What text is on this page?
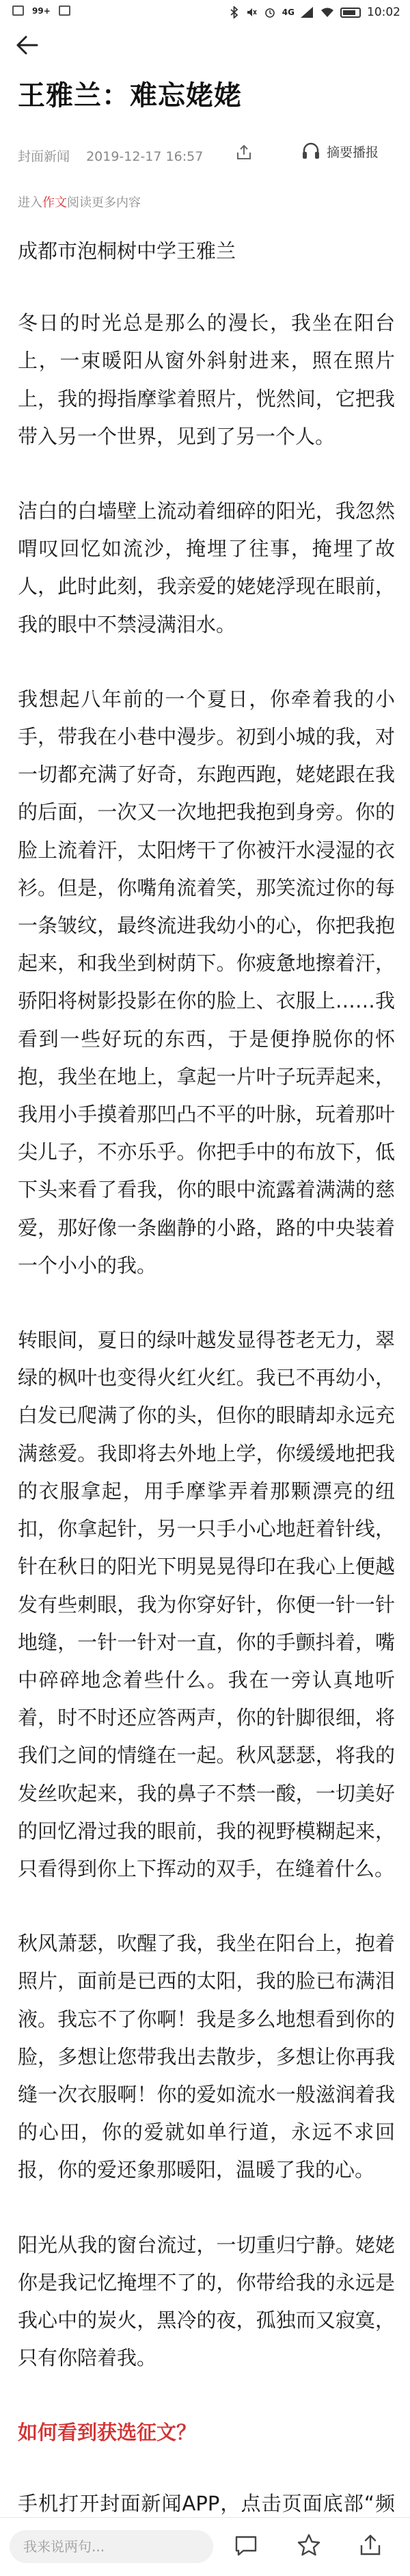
99+	4G	10:02
王雅兰：难忘姥姥
封面新闻 2019-12-17 16:57	摘要播报
进入作文阅读更多内容

成都市泡桐树中学王雅兰

冬日的时光总是那么的漫长，我坐在阳台上，一束暖阳从窗外斜射进来，照在照片上，我的拇指摩挲着照片，恍然间，它把我带入另一个世界，见到了另一个人。

洁白的白墙壁上流动着细碎的阳光，我忽然喟叹回忆如流沙，掩埋了往事，掩埋了故人，此时此刻，我亲爱的姥姥浮现在眼前，我的眼中不禁浸满泪水。

我想起八年前的一个夏日，你牵着我的小手，带我在小巷中漫步。初到小城的我，对一切都充满了好奇，东跑西跑，姥姥跟在我的后面，一次又一次地把我抱到身旁。你的脸上流着汗，太阳烤干了你被汗水浸湿的衣衫。但是，你嘴角流着笑，那笑流过你的每一条皱纹，最终流进我幼小的心，你把我抱起来，和我坐到树荫下。你疲惫地擦着汗，骄阳将树影投影在你的脸上、衣服上……我看到一些好玩的东西，于是便挣脱你的怀抱，我坐在地上，拿起一片叶子玩弄起来，我用小手摸着那凹凸不平的叶脉，玩着那叶尖儿子，不亦乐乎。你把手中的布放下，低下头来看了看我，你的眼中流露着满满的慈爱，那好像一条幽静的小路，路的中央装着一个小小的我。

转眼间，夏日的绿叶越发显得苍老无力，翠绿的枫叶也变得火红火红。我已不再幼小，白发已爬满了你的头，但你的眼睛却永远充满慈爱。我即将去外地上学，你缓缓地把我的衣服拿起，用手摩挲弄着那颗漂亮的纽扣，你拿起针，另一只手小心地赶着针线，针在秋日的阳光下明晃晃得印在我心上便越发有些刺眼，我为你穿好针，你便一针一针地缝，一针一针对一直，你的手颤抖着，嘴中碎碎地念着些什么。我在一旁认真地听着，时不时还应答两声，你的针脚很细，将我们之间的情缝在一起。秋风瑟瑟，将我的发丝吹起来，我的鼻子不禁一酸，一切美好的回忆滑过我的眼前，我的视野模糊起来，只看得到你上下挥动的双手，在缝着什么。

秋风萧瑟，吹醒了我，我坐在阳台上，抱着照片，面前是已西的太阳，我的脸已布满泪液。我忘不了你啊！我是多么地想看到你的脸，多想让您带我出去散步，多想让你再我缝一次衣服啊！你的爱如流水一般滋润着我的心田，你的爱就如单行道，永远不求回报，你的爱还象那暖阳，温暖了我的心。

阳光从我的窗台流过，一切重归宁静。姥姥你是我记忆掩埋不了的，你带给我的永远是我心中的炭火，黑冷的夜，孤独而又寂寞，只有你陪着我。

如何看到获选征文？

手机打开封面新闻APP，点击页面底部“频

我来说两句...
